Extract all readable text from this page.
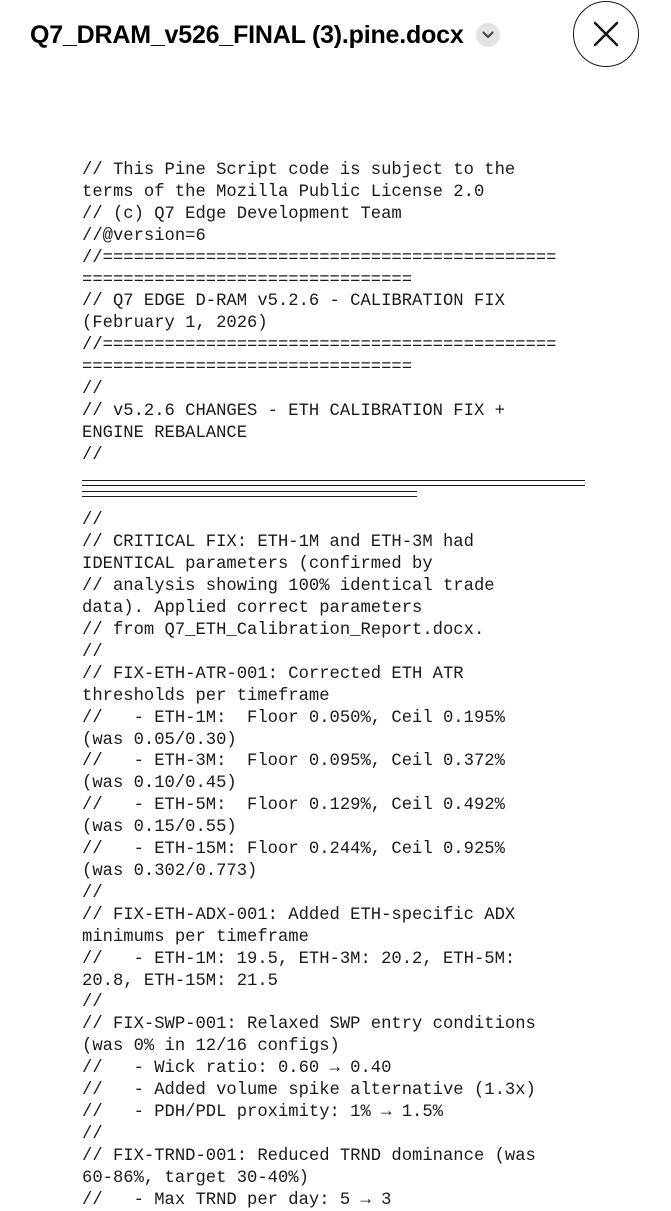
Q7_DRAM_v526_FINAL (3).pine.docx
// This Pine Script code is subject to the
terms of the Mozilla Public License 2.0
// (c) Q7 Edge Development Team
//@version=6
//============================================
================================
// Q7 EDGE D-RAM v5.2.6 - CALIBRATION FIX
(February 1, 2026)
//============================================
================================
//
// v5.2.6 CHANGES - ETH CALIBRATION FIX +
ENGINE REBALANCE
//
//
// CRITICAL FIX: ETH-1M and ETH-3M had
IDENTICAL parameters (confirmed by
// analysis showing 100% identical trade
data). Applied correct parameters
// from Q7_ETH_Calibration_Report.docx.
//
// FIX-ETH-ATR-001: Corrected ETH ATR
thresholds per timeframe
//   - ETH-1M:  Floor 0.050%, Ceil 0.195%
(was 0.05/0.30)
//   - ETH-3M:  Floor 0.095%, Ceil 0.372%
(was 0.10/0.45)
//   - ETH-5M:  Floor 0.129%, Ceil 0.492%
(was 0.15/0.55)
//   - ETH-15M: Floor 0.244%, Ceil 0.925%
(was 0.302/0.773)
//
// FIX-ETH-ADX-001: Added ETH-specific ADX
minimums per timeframe
//   - ETH-1M: 19.5, ETH-3M: 20.2, ETH-5M:
20.8, ETH-15M: 21.5
//
// FIX-SWP-001: Relaxed SWP entry conditions
(was 0% in 12/16 configs)
//   - Wick ratio: 0.60 → 0.40
//   - Added volume spike alternative (1.3x)
//   - PDH/PDL proximity: 1% → 1.5%
//
// FIX-TRND-001: Reduced TRND dominance (was
60-86%, target 30-40%)
//   - Max TRND per day: 5 → 3
